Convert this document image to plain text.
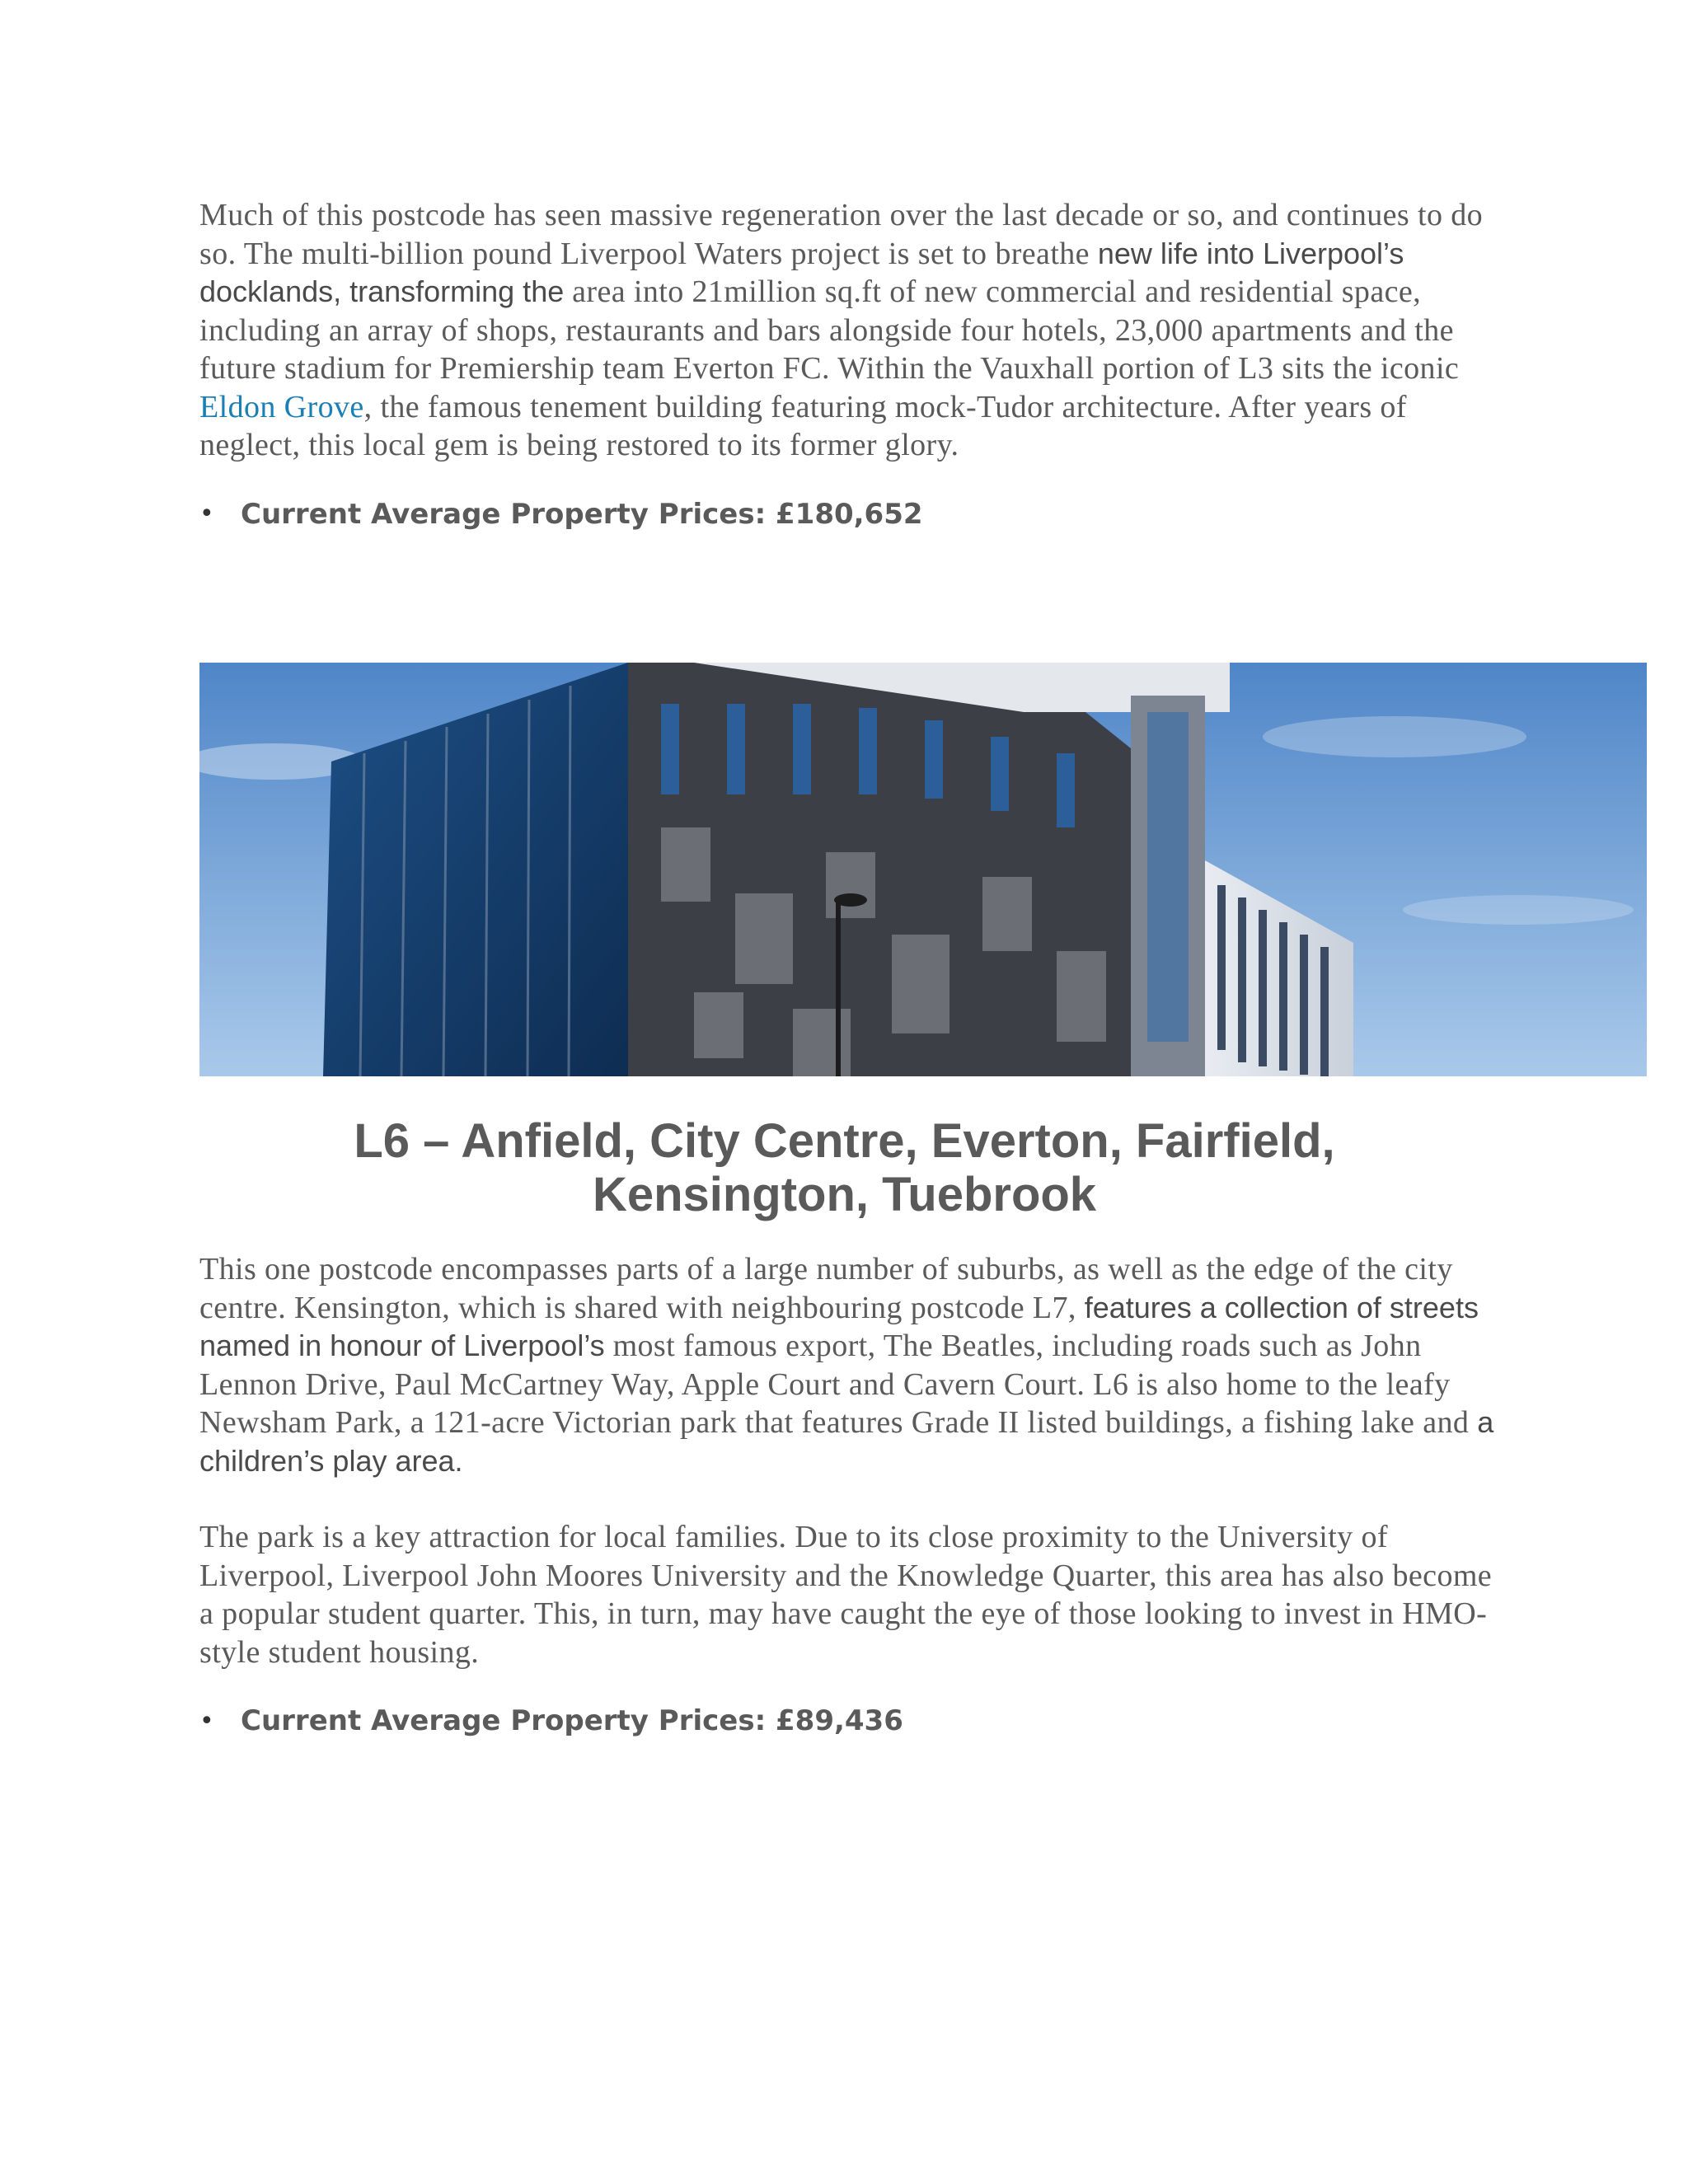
Much of this postcode has seen massive regeneration over the last decade or so, and continues to do so. The multi-billion pound Liverpool Waters project is set to breathe new life into Liverpool’s docklands, transforming the area into 21million sq.ft of new commercial and residential space, including an array of shops, restaurants and bars alongside four hotels, 23,000 apartments and the future stadium for Premiership team Everton FC. Within the Vauxhall portion of L3 sits the iconic Eldon Grove, the famous tenement building featuring mock-Tudor architecture. After years of neglect, this local gem is being restored to its former glory.

• Current Average Property Prices: £180,652
L6 – Anfield, City Centre, Everton, Fairfield,
Kensington, Tuebrook

This one postcode encompasses parts of a large number of suburbs, as well as the edge of the city centre. Kensington, which is shared with neighbouring postcode L7, features a collection of streets named in honour of Liverpool’s most famous export, The Beatles, including roads such as John Lennon Drive, Paul McCartney Way, Apple Court and Cavern Court. L6 is also home to the leafy Newsham Park, a 121-acre Victorian park that features Grade II listed buildings, a fishing lake and a children’s play area.

The park is a key attraction for local families. Due to its close proximity to the University of Liverpool, Liverpool John Moores University and the Knowledge Quarter, this area has also become a popular student quarter. This, in turn, may have caught the eye of those looking to invest in HMO-style student housing.

• Current Average Property Prices: £89,436
